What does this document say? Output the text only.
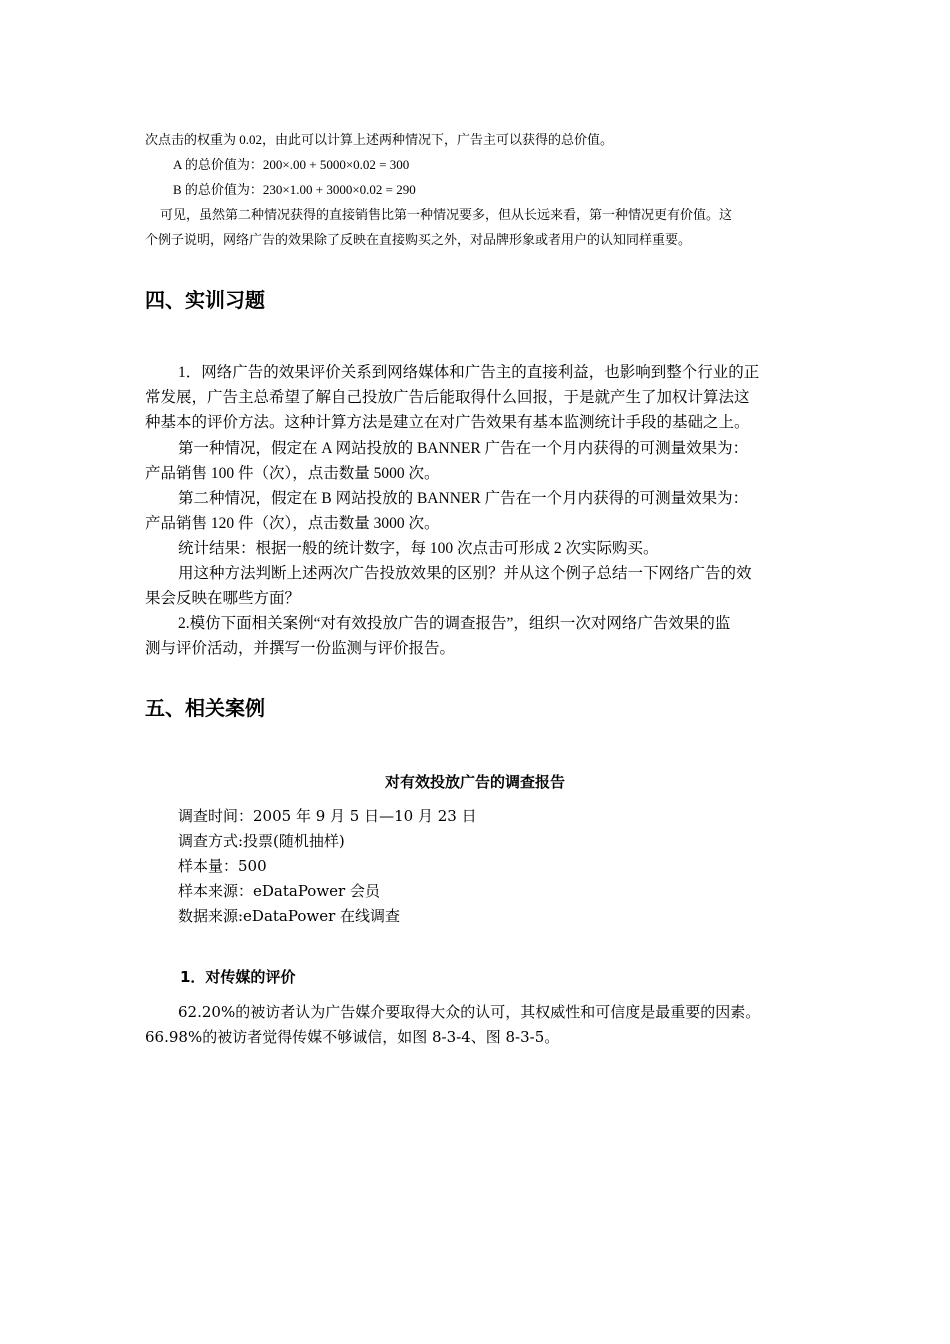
次点击的权重为 0.02，由此可以计算上述两种情况下，广告主可以获得的总价值。
A 的总价值为：200×.00 + 5000×0.02 = 300
B 的总价值为：230×1.00 + 3000×0.02 = 290
可见，虽然第二种情况获得的直接销售比第一种情况要多，但从长远来看，第一种情况更有价值。这
个例子说明，网络广告的效果除了反映在直接购买之外，对品牌形象或者用户的认知同样重要。
四、实训习题
1．网络广告的效果评价关系到网络媒体和广告主的直接利益，也影响到整个行业的正
常发展，广告主总希望了解自己投放广告后能取得什么回报，于是就产生了加权计算法这
种基本的评价方法。这种计算方法是建立在对广告效果有基本监测统计手段的基础之上。
第一种情况，假定在 A 网站投放的 BANNER 广告在一个月内获得的可测量效果为：
产品销售 100 件（次），点击数量 5000 次。
第二种情况，假定在 B 网站投放的 BANNER 广告在一个月内获得的可测量效果为：
产品销售 120 件（次），点击数量 3000 次。
统计结果：根据一般的统计数字，每 100 次点击可形成 2 次实际购买。
用这种方法判断上述两次广告投放效果的区别？并从这个例子总结一下网络广告的效
果会反映在哪些方面？
2.模仿下面相关案例“对有效投放广告的调查报告”，组织一次对网络广告效果的监
测与评价活动，并撰写一份监测与评价报告。
五、相关案例
对有效投放广告的调查报告
调查时间：2005 年 9 月 5 日—10 月 23 日
调查方式:投票(随机抽样)
样本量：500
样本来源：eDataPower 会员
数据来源:eDataPower 在线调查
1．对传媒的评价
62.20%的被访者认为广告媒介要取得大众的认可，其权威性和可信度是最重要的因素。
66.98%的被访者觉得传媒不够诚信，如图 8-3-4、图 8-3-5。
